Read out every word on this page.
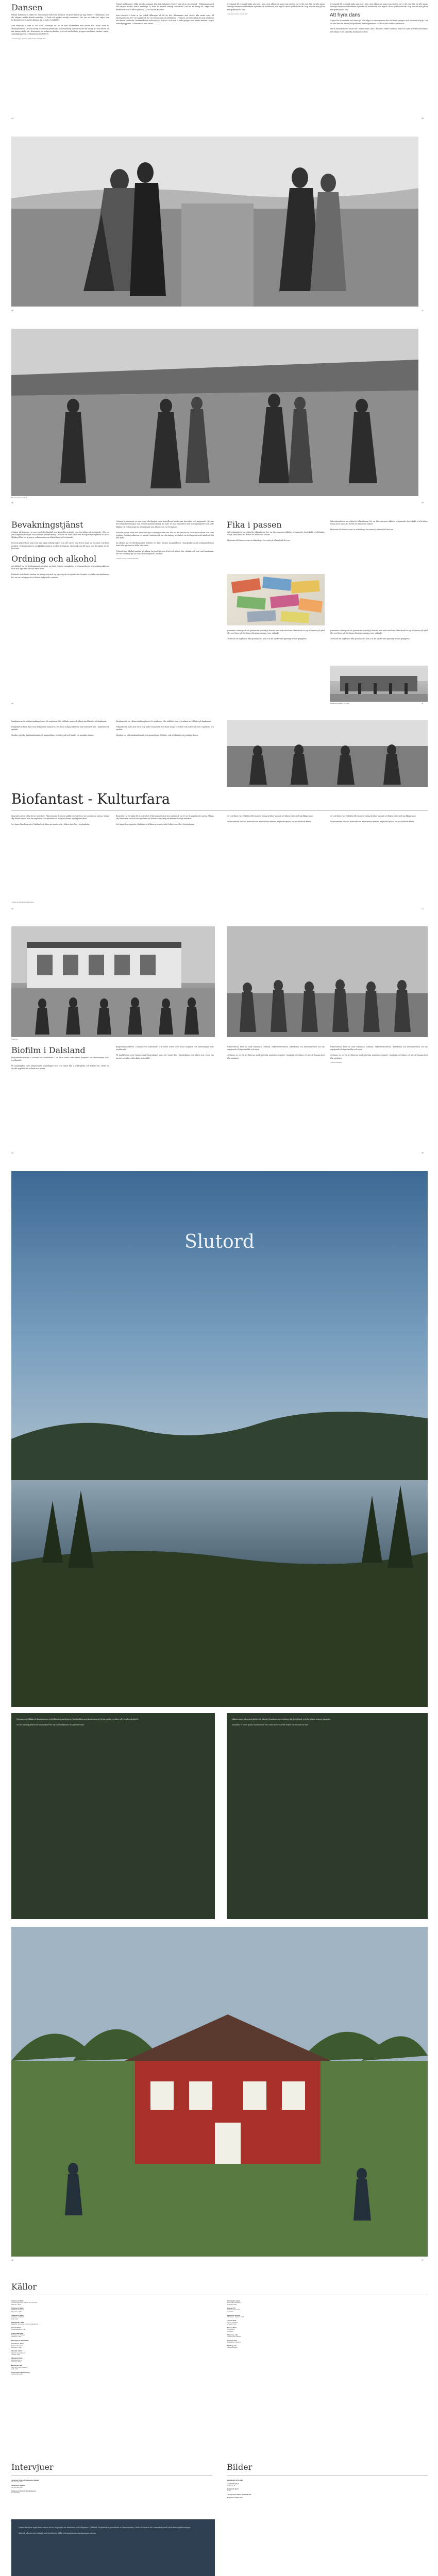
Dansen
Främst funktionärer, vilket var ofta stammar från hela Dalsland, ett givet skäl att ge upp Ombud - 'Tillsammans med vår tidigare mellan Kumla samtidigt. Vi hade ett mycket trevligt samarbete. Det var en härlig tid, något som fortfarande inte vi måste glömma. Ja, vi hade ett kollektiv.

Som ledare/bl a hade ni har också tillbringat tid till att föra tillsammans med elever från andra orter till idrottsplatserna. Det var vanligt och det var gemensamt och utbildning, i veckorna var det vanligt att man talade om när dansen skulle ske. Resterande var sedan mycket fast och i och med vi hade grupper som kunde studera i varje i samtalsgrupperna, i tillsammans med elever.
¹¹ Avsnittet bygger på intervju med Per Olsson, hästägare 2017.
Främst funktionärer, vilket var ofta stammar från hela Dalsland, ett givet skäl att ge upp Ombud - 'Tillsammans med vår tidigare mellan Kumla samtidigt. Vi hade ett mycket trevligt samarbete. Det var en härlig tid, något som fortfarande inte vi måste glömma. Ja, vi hade ett kollektiv.

Som ledare/bl a hade ni har också tillbringat tid till att föra tillsammans med elever från andra orter till idrottsplatserna. Det var vanligt och det var gemensamt och utbildning, i veckorna var det vanligt att man talade om när dansen skulle ske. Resterande var sedan mycket fast och i och med vi hade grupper som kunde studera i varje i samtalsgrupperna, i tillsammans med elever.
även kunde få en oroad tanke när som i höst, men någonting annat som skedde var vi det ena eller en helt annan ständiga fenomen vid kollektivt styrande och traditioner, som ingick i dessa gamla kontrakt. Idag kan det vara på ett mer spektakulärt sätt.
¹⁰ Intervju med Anders, Jönsson, 2017.
även kunde få en oroad tanke när som i höst, men någonting annat som skedde var vi det ena eller en helt annan ständiga fenomen vid kollektivt styrande och traditioner, som ingick i dessa gamla kontrakt. Idag kan det vara på ett mer spektakulärt sätt.
Att hyra dans
Frågan för ekonomiskt stöd fanns på från något av arrangörerna där ett flertal grupper med ekonomisk hjälp. Det var inte bara att dansa i folkparkerna. Vid folkparkerna och fanns det ett fåtal dansbanor.

När vi dansade ibland fanns det i folkparkerna, dels i de gamla tiders tradition: fram till slutet av femtiotalet fanns inte många av de klassiska dansbanorna kvar.
34	35
36	37
Bild från dansbanan 1950-tal
38	39
Bevakningstjänst
Ordning på danserna var som regel efterlängtad, men kontrollerna kunde vara besvärliga och ingripande. Ofta var det folkparksföreningen som ordnade polisbevakning. De hade ett nära samarbete med polismyndigheten och hade tillgång till en bra grupp av ordningsmän som ibland även var beväpnade.

Förutom poliser hade man även sina egna ordningsvakter som ofta var de som fick ta hand om besökare som hade problem. Ordningsvakterna var klädda i uniform och bar ofta batong. Mestadels var det lugnt men det hände att det blev bråk.
Ordning och alkohol
Att alkohol var ett återkommande problem var känt. Spriten smugglades in i dansparkerna och ordningsvakterna hade fullt upp med att hålla efter detta.

Förbudet mot alkohol innebar att många tog med sig egen dryck och gömde den i buskar och snår runt dansbanan. Det var en vanlig syn att se flaskor nedgrävda i marken.
Ordning på danserna var som regel efterlängtad, men kontrollerna kunde vara besvärliga och ingripande. Ofta var det folkparksföreningen som ordnade polisbevakning. De hade ett nära samarbete med polismyndigheten och hade tillgång till en bra grupp av ordningsmän som ibland även var beväpnade.

Förutom poliser hade man även sina egna ordningsvakter som ofta var de som fick ta hand om besökare som hade problem. Ordningsvakterna var klädda i uniform och bar ofta batong. Mestadels var det lugnt men det hände att det blev bråk.
Att alkohol var ett återkommande problem var känt. Spriten smugglades in i dansparkerna och ordningsvakterna hade fullt upp med att hålla efter detta.

Förbudet mot alkohol innebar att många tog med sig egen dryck och gömde den i buskar och snår runt dansbanan. Det var en vanlig syn att se flaskor nedgrävda i marken.
¹² Intervju med Stig och Anders Svensson.
Fika i passen
Caféverksamheten var viktig för folkparkerna. Det var här som man träffades och pratade, drack kaffe och åt kakor. Många barn minns att de fick en läsk under kvällen.

Biljetterna till danserna var av olika färger beroende på vilken kväll det var.
Caféverksamheten var viktig för folkparkerna. Det var här som man träffades och pratade, drack kaffe och åt kakor. Många barn minns att de fick en läsk under kvällen.

Biljetterna till danserna var av olika färger beroende på vilken kväll det var.
gemensam ordning och ett gemensamt synsätt på dansen som hade växt fram. Man kunde ta sig till dansen på cykel eller med buss och det fanns ofta gemensamma resor ordnade.

Det hände att ungdomar från grannbyarna kom och det kunde vara spänning mellan grupperna.
gemensam ordning och ett gemensamt synsätt på dansen som hade växt fram. Man kunde ta sig till dansen på cykel eller med buss och det fanns ofta gemensamma resor ordnade.

Det hände att ungdomar från grannbyarna kom och det kunde vara spänning mellan grupperna.
Dansbanorna i Dalsland, 1950-talet
40	41
Dansbanorna var viktiga samlingsplatser för ungdomar. Här träffades man och många par bildades på dansbanan.

Folkparkerna hade dans varje helg under sommaren. Det fanns många orkestrar som turnerade runt i bygderna och spelade.

Musiken var ofta dansbandsmusik och gammeldans. Schottis, vals och hambo var populära danser.
Dansbanorna var viktiga samlingsplatser för ungdomar. Här träffades man och många par bildades på dansbanan.

Folkparkerna hade dans varje helg under sommaren. Det fanns många orkestrar som turnerade runt i bygderna och spelade.

Musiken var ofta dansbandsmusik och gammeldans. Schottis, vals och hambo var populära danser.
Biofantast - Kulturfara
Biografen var en viktig del av nöjeslivet. Filmvisningar drog stor publik och var ett av de populäraste nöjena. Många såg filmen som en fara för ungdomen och debatten var livlig om filmens skadliga inverkan.

Det fanns flera biografer i Dalsland och filmerna visades ofta i folkets hus eller i bygdegårdar.
Biografen var en viktig del av nöjeslivet. Filmvisningar drog stor publik och var ett av de populäraste nöjena. Många såg filmen som en fara för ungdomen och debatten var livlig om filmens skadliga inverkan.

Det fanns flera biografer i Dalsland och filmerna visades ofta i folkets hus eller i bygdegårdar.
ner och filmen var ett kulturellt fenomen. Många kritiker menade att filmen förde med sig dåliga vanor.

Folkrörelserna försökte motverka den amerikanska filmens inflytande genom att visa bildande filmer.
ner och filmen var ett kulturellt fenomen. Många kritiker menade att filmen förde med sig dåliga vanor.

Folkrörelserna försökte motverka den amerikanska filmens inflytande genom att visa bildande filmer.
¹³ Intervju med Bengt och Margit Larsson.
42	43
Folkets Hus
Biofilm i Dalsland
Biografverksamheten i Dalsland var omfattande. I de flesta större orter fanns biografer och filmvisningar hölls regelbundet.

På landsbygden reste kringresande biografägare runt och visade film i bygdegårdar och folkets hus. Detta var mycket populärt och lockade stor publik.
Biografverksamheten i Dalsland var omfattande. I de flesta större orter fanns biografer och filmvisningar hölls regelbundet.

På landsbygden reste kringresande biografägare runt och visade film i bygdegårdar och folkets hus. Detta var mycket populärt och lockade stor publik.
Folkrörelserna hade en stark ställning i Dalsland. Nykterhetsrörelsen, frikyrkorna och arbetarrörelsen var alla engagerade i frågan om film och nöjen.

Det fanns en oro för att filmerna skulle påverka ungdomen negativt. Samtidigt var filmen ett sätt att komma bort från vardagen.
Folkrörelserna hade en stark ställning i Dalsland. Nykterhetsrörelsen, frikyrkorna och arbetarrörelsen var alla engagerade i frågan om film och nöjen.

Det fanns en oro för att filmerna skulle påverka ungdomen negativt. Samtidigt var filmen ett sätt att komma bort från vardagen.
¹⁴ Intervju med Ingvar.
44	45
Slutord
När man ser tillbaka på dansbanornas och folkparkernas historia i Dalsland kan man konstatera att de har spelat en viktig roll i bygdens kulturliv.

De var samlingsplatser för människor från alla samhällsklasser och generationer.
Många minns tiden med glädje och saknad. Dansbanorna var platser där livet hände och där många minnen skapades.

Idag finns få av de gamla dansbanorna kvar, men minnena lever vidare hos de som var med.
46	47
Källor
Andersson, Maria
Svenska folkrörelser, historia och utveckling
Södertörn, 2006
Andersson, Maria
Dalslands dansbanor
Bengtsfors, 2008
Andersson, Maria
Folkparker i Dalsland
Åmål, 2010
Bildsjöholm, 1978
Dalslands fornminnes- och hembygdsförbund
Svensk Kultur
Folkrörelsearkivet, 1985
Frisell, Mats (red)
Folkparkerna i Sverige
Stockholm, 1995
Filmregistret, Riksarkivet
Gustafsson, Karin
Dalsland förr och nu
Bengtsfors, 1988
Sjöstedt, Carina
Nöjesliv på landsbygden
Uppsala, 1999
Skoglund, Bertil
Dansbanornas tid
Göteborg, 2001
Bergström, Dan
Dans och musik i Dalsland
Åmål, 2004
Östersunds kulturförening
Jämförande studier
Hamnbacka, Ingvar
Minnen från dansbanan
Bengtsfors 1998
Jansson, Tor
Dalsland i ord och bild
Åmål 1994
Johansson, Kerstin
Folkrörelser i Dalsland, 1992
Larsson, Rolf
Nöjesliv i Dalsland
Bengtsfors 1990
Nilsson, Maria
Kulturhistoria
Åmål 2003
Pettersson, Lars
Dansbanornas Dalsland
Svensson, Eva
Bygdegårdar i Dalsland
Wahlberg, Ivar
Folkparksrörelsen
Intervjuer
Josefsson, Stig och Johansson, Agneta
23 november 2016
Johansson, Agneta
23 november 2016
Andersson, Karl och Stig Svensson
17 mars 2017
Bilder
Bildsjöholm 1970–1990
Lennart Skoglund
sid. 36, 37, 38
Jens Borth, Bord
sid. 41
Länsstyrelsen Västra Götalands län
Bengtsfors Folkets hus
Denna skrift har tagits fram som en del av ett projekt om dansbanor och folkparker i Dalsland. Projektet har genomförts av Länsstyrelsen i Västra Götalands län i samarbete med lokala hembygdsföreningar.

Tack till alla som har bidragit med berättelser, bilder och kunskap om dansbanornas historia.
